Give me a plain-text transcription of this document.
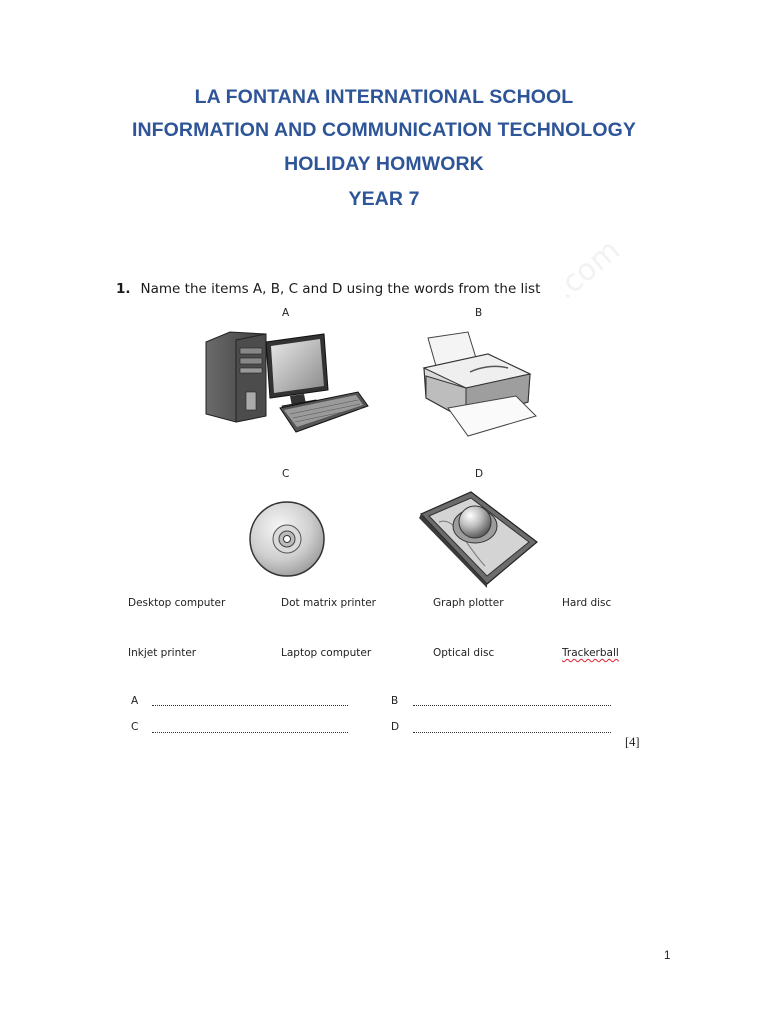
.com
LA FONTANA INTERNATIONAL SCHOOL
INFORMATION AND COMMUNICATION TECHNOLOGY
HOLIDAY HOMWORK
YEAR 7
1. Name the items A, B, C and D using the words from the list
A	B
C	D
Desktop computer	Dot matrix printer	Graph plotter	Hard disc
Inkjet printer	Laptop computer	Optical disc	Trackerball
A	B
C	D
[4]
1
